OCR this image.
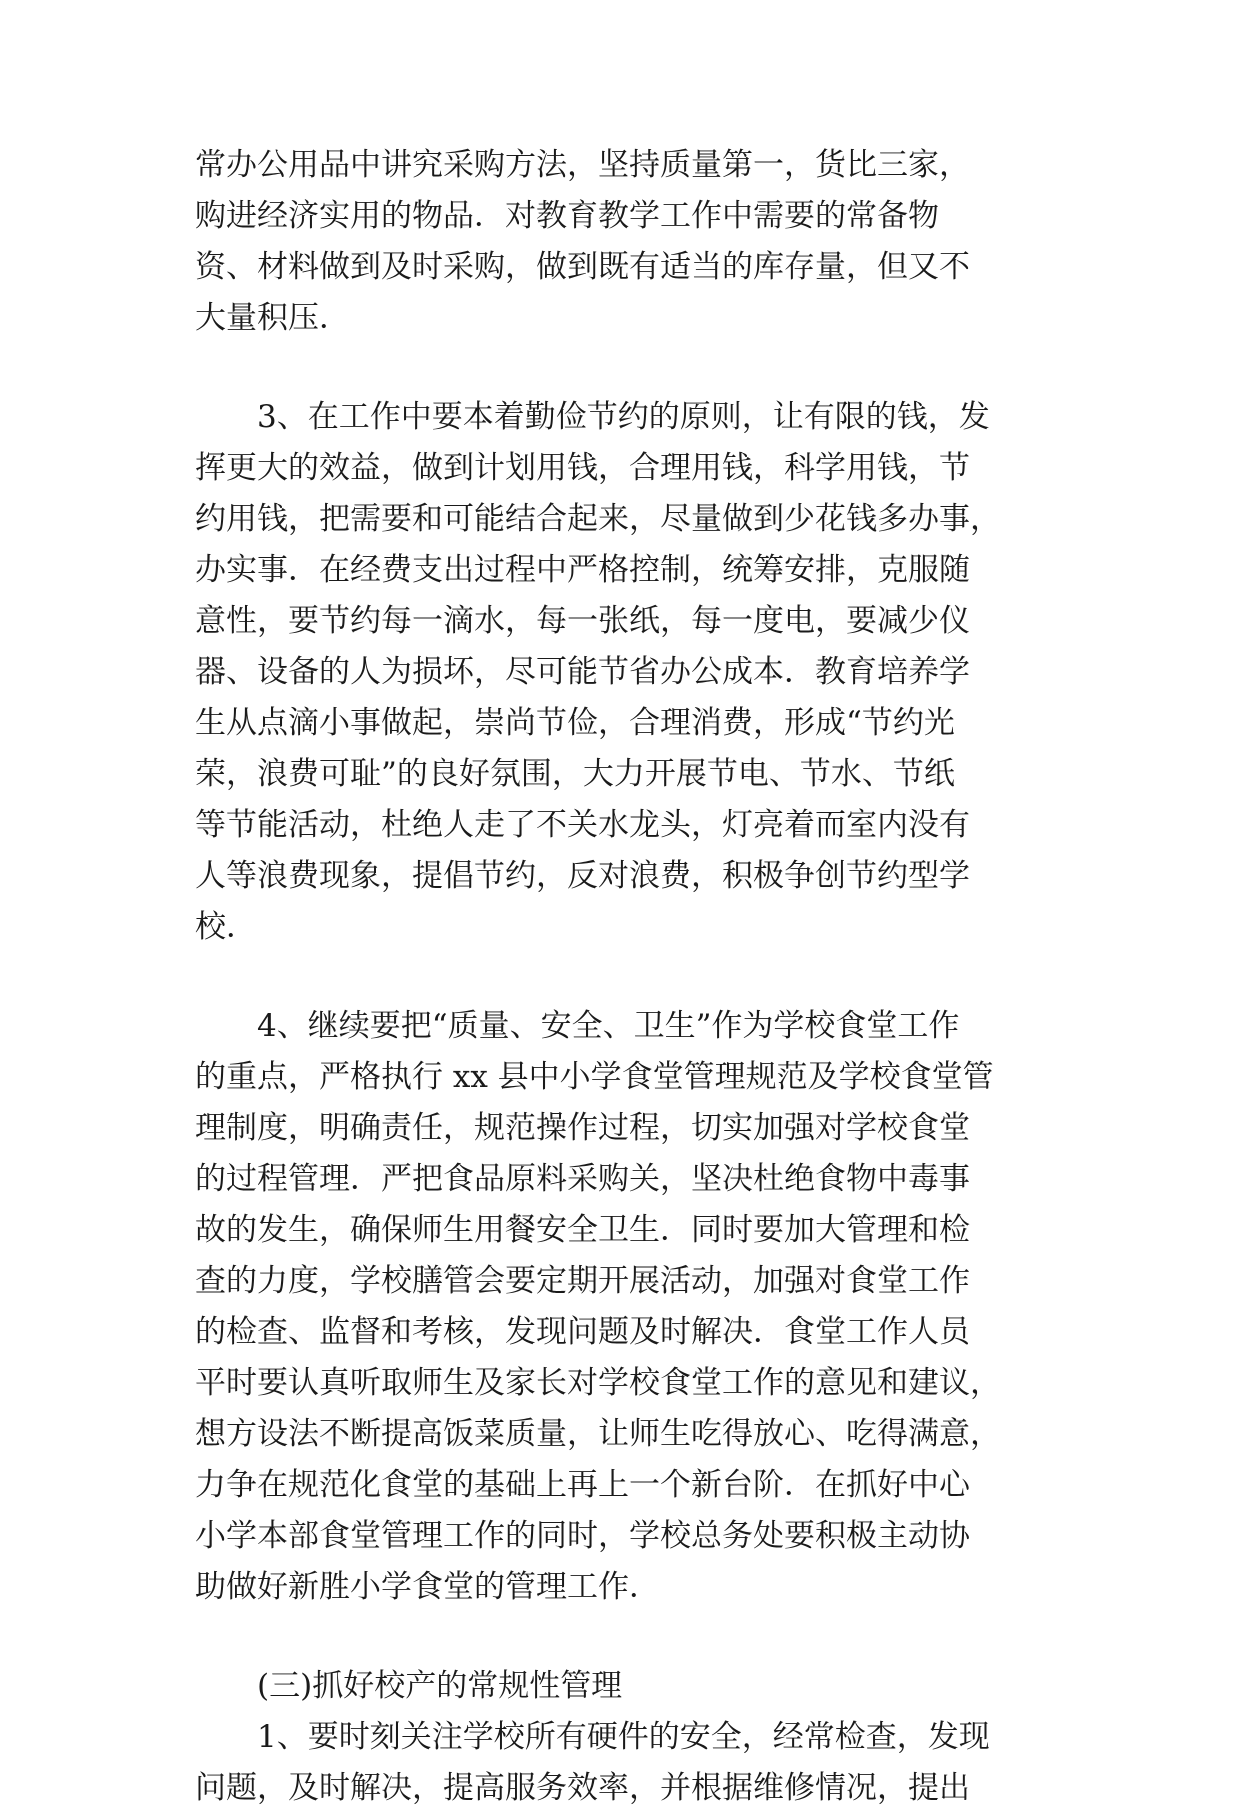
常办公用品中讲究采购方法，坚持质量第一，货比三家，
购进经济实用的物品．对教育教学工作中需要的常备物
资、材料做到及时采购，做到既有适当的库存量，但又不
大量积压．
3、在工作中要本着勤俭节约的原则，让有限的钱，发
挥更大的效益，做到计划用钱，合理用钱，科学用钱，节
约用钱，把需要和可能结合起来，尽量做到少花钱多办事，
办实事．在经费支出过程中严格控制，统筹安排，克服随
意性，要节约每一滴水，每一张纸，每一度电，要减少仪
器、设备的人为损坏，尽可能节省办公成本．教育培养学
生从点滴小事做起，崇尚节俭，合理消费，形成“节约光
荣，浪费可耻”的良好氛围，大力开展节电、节水、节纸
等节能活动，杜绝人走了不关水龙头，灯亮着而室内没有
人等浪费现象，提倡节约，反对浪费，积极争创节约型学
校．
4、继续要把“质量、安全、卫生”作为学校食堂工作
的重点，严格执行 xx 县中小学食堂管理规范及学校食堂管
理制度，明确责任，规范操作过程，切实加强对学校食堂
的过程管理．严把食品原料采购关，坚决杜绝食物中毒事
故的发生，确保师生用餐安全卫生．同时要加大管理和检
查的力度，学校膳管会要定期开展活动，加强对食堂工作
的检查、监督和考核，发现问题及时解决．食堂工作人员
平时要认真听取师生及家长对学校食堂工作的意见和建议，
想方设法不断提高饭菜质量，让师生吃得放心、吃得满意，
力争在规范化食堂的基础上再上一个新台阶．在抓好中心
小学本部食堂管理工作的同时，学校总务处要积极主动协
助做好新胜小学食堂的管理工作．
(三)抓好校产的常规性管理
1、要时刻关注学校所有硬件的安全，经常检查，发现
问题，及时解决，提高服务效率，并根据维修情况，提出
